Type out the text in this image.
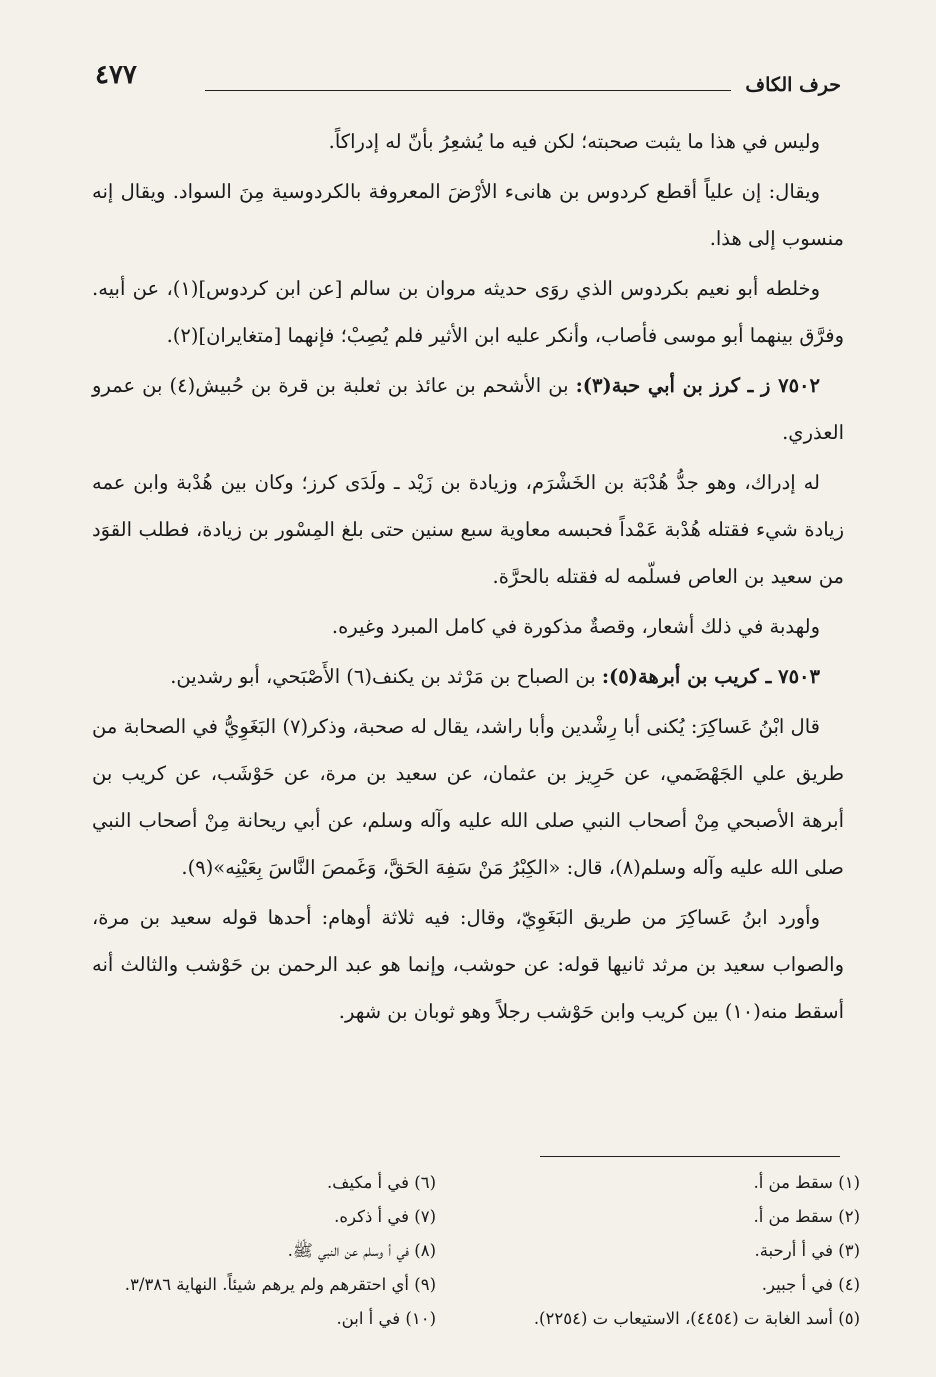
حرف الكاف
٤٧٧

وليس في هذا ما يثبت صحبته؛ لكن فيه ما يُشعِرُ بأنّ له إدراكاً.

ويقال: إن علياً أقطع كردوس بن هانىء الأرْضَ المعروفة بالكردوسية مِنَ السواد. ويقال إنه منسوب إلى هذا.

وخلطه أبو نعيم بكردوس الذي روَى حديثه مروان بن سالم [عن ابن كردوس](١)، عن أبيه. وفرَّق بينهما أبو موسى فأصاب، وأنكر عليه ابن الأثير فلم يُصِبْ؛ فإنهما [متغايران](٢).

٧٥٠٢ ز ـ كرز بن أبي حبة(٣): بن الأشحم بن عائذ بن ثعلبة بن قرة بن حُبيش(٤) بن عمرو العذري.

له إدراك، وهو جدُّ هُدْبَة بن الخَشْرَم، وزيادة بن زَيْد ـ ولَدَى كرز؛ وكان بين هُدْبة وابن عمه زيادة شيء فقتله هُدْبة عَمْداً فحبسه معاوية سبع سنين حتى بلغ المِسْور بن زيادة، فطلب القوَد من سعيد بن العاص فسلّمه له فقتله بالحرَّة.

ولهدبة في ذلك أشعار، وقصةٌ مذكورة في كامل المبرد وغيره.

٧٥٠٣ ـ كريب بن أبرهة(٥): بن الصباح بن مَرْثد بن يكنف(٦) الأَصْبَحي، أبو رشدين.

قال ابْنُ عَساكِرَ: يُكنى أبا رِشْدين وأبا راشد، يقال له صحبة، وذكر(٧) البَغَوِيُّ في الصحابة من طريق علي الجَهْضَمي، عن حَرِيز بن عثمان، عن سعيد بن مرة، عن حَوْشَب، عن كريب بن أبرهة الأصبحي مِنْ أصحاب النبي صلى الله عليه وآله وسلم، عن أبي ريحانة مِنْ أصحاب النبي صلى الله عليه وآله وسلم(٨)، قال: «الكِبْرُ مَنْ سَفِهَ الحَقَّ، وَغَمصَ النَّاسَ بِعَيْنِه»(٩).

وأورد ابنُ عَساكِرَ من طريق البَغَوِيّ، وقال: فيه ثلاثة أوهام: أحدها قوله سعيد بن مرة، والصواب سعيد بن مرثد ثانيها قوله: عن حوشب، وإنما هو عبد الرحمن بن حَوْشب والثالث أنه أسقط منه(١٠) بين كريب وابن حَوْشب رجلاً وهو ثوبان بن شهر.

(١) سقط من أ.
(٢) سقط من أ.
(٣) في أ أرحبة.
(٤) في أ جبير.
(٥) أسد الغابة ت (٤٤٥٤)، الاستيعاب ت (٢٢٥٤).
(٦) في أ مكيف.
(٧) في أ ذكره.
(٨) في أ وسلم عن النبي ﷺ.
(٩) أي احتقرهم ولم يرهم شيئاً. النهاية ٣/٣٨٦.
(١٠) في أ ابن.
